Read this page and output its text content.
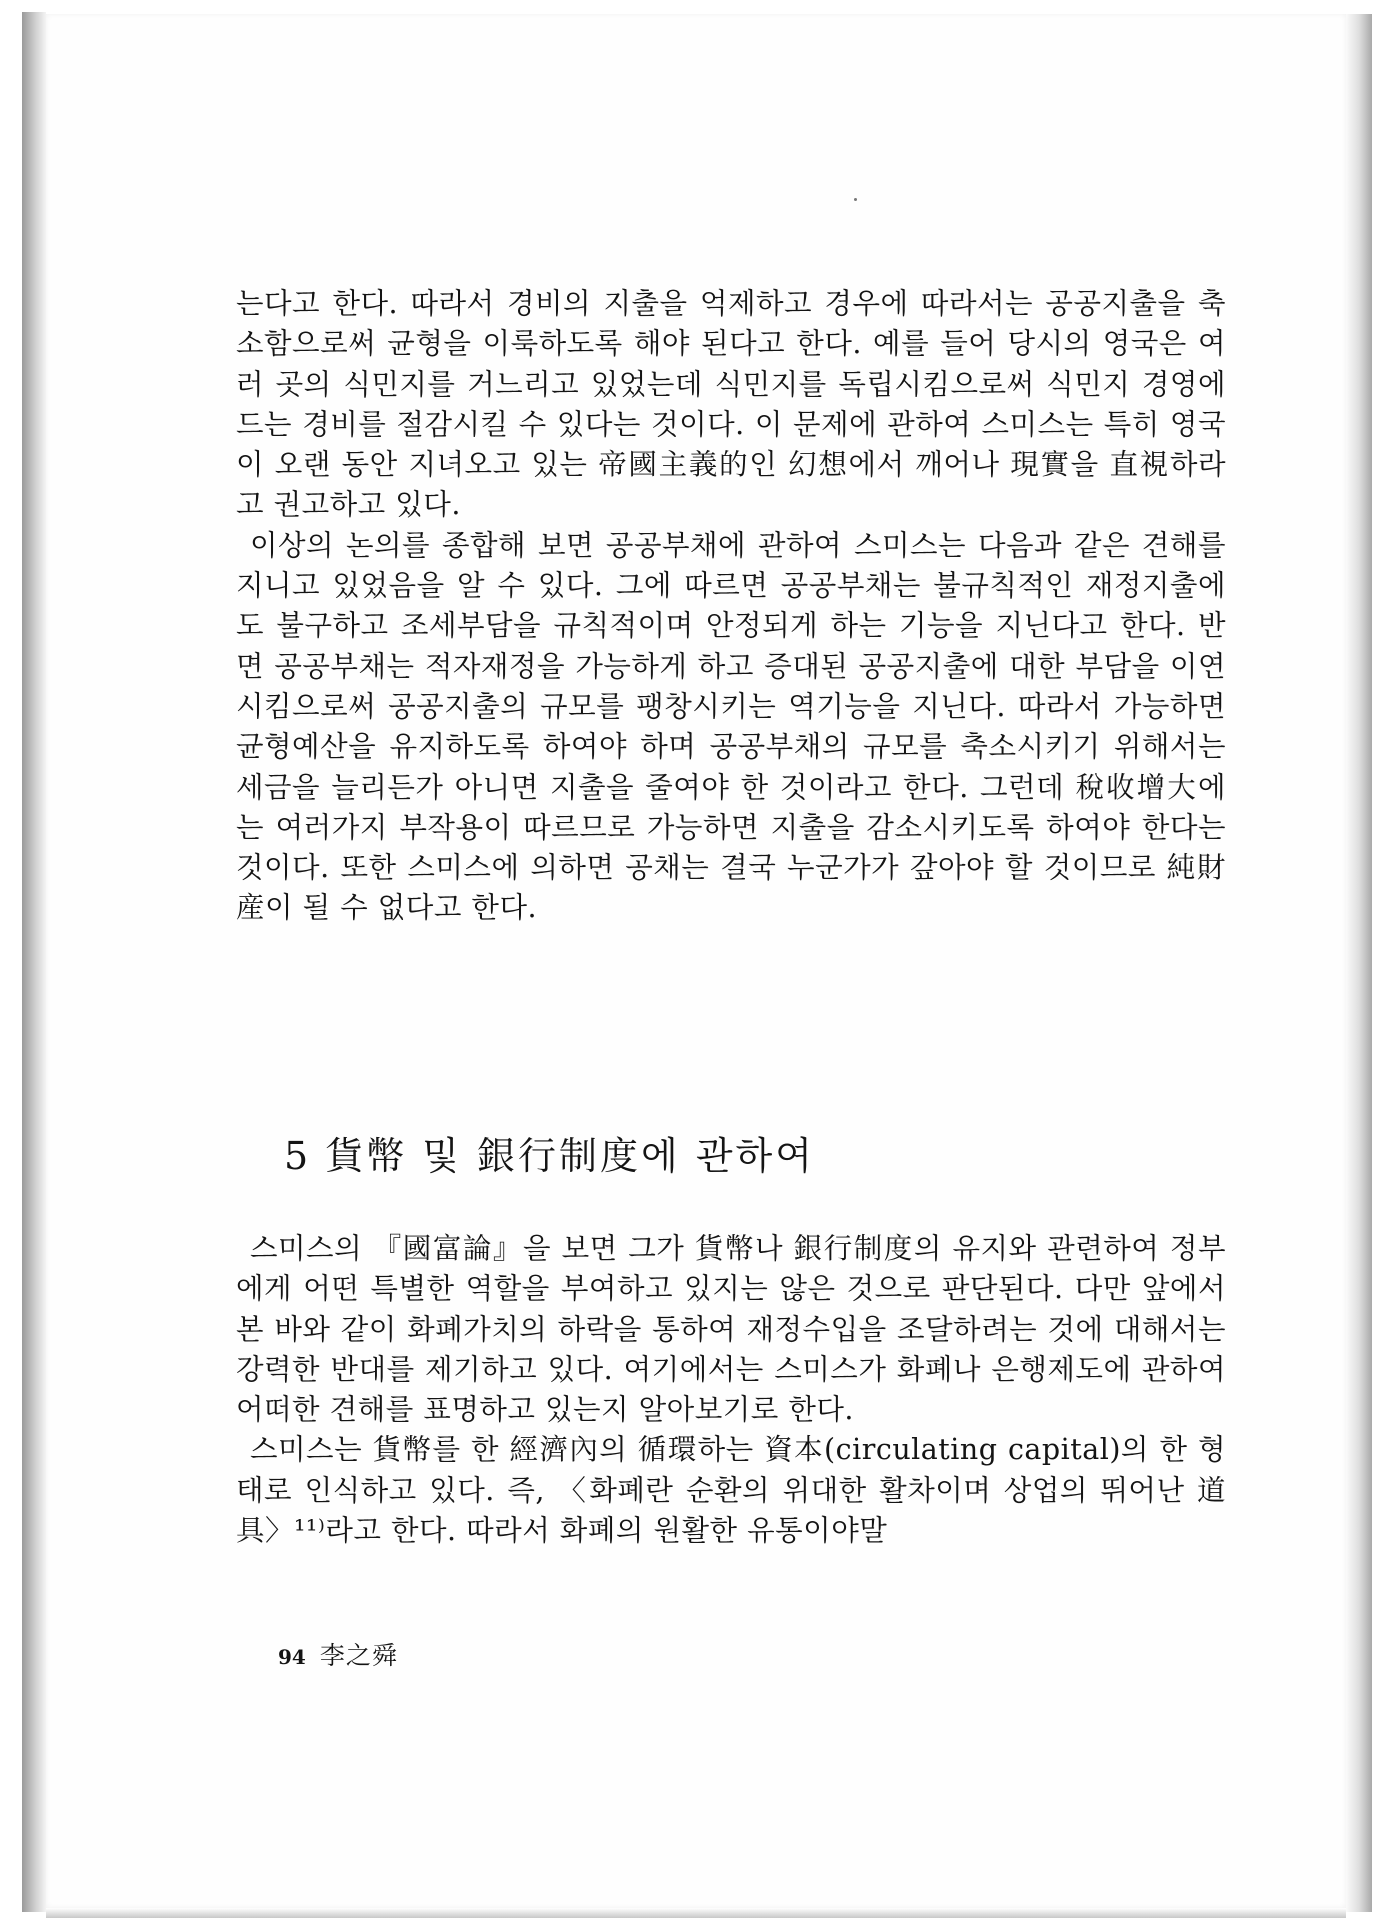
는다고 한다. 따라서 경비의 지출을 억제하고 경우에 따라서는 공공지출을 축소함으로써 균형을 이룩하도록 해야 된다고 한다. 예를 들어 당시의 영국은 여러 곳의 식민지를 거느리고 있었는데 식민지를 독립시킴으로써 식민지 경영에 드는 경비를 절감시킬 수 있다는 것이다. 이 문제에 관하여 스미스는 특히 영국이 오랜 동안 지녀오고 있는 帝國主義的인 幻想에서 깨어나 現實을 直視하라고 권고하고 있다.

이상의 논의를 종합해 보면 공공부채에 관하여 스미스는 다음과 같은 견해를 지니고 있었음을 알 수 있다. 그에 따르면 공공부채는 불규칙적인 재정지출에도 불구하고 조세부담을 규칙적이며 안정되게 하는 기능을 지닌다고 한다. 반면 공공부채는 적자재정을 가능하게 하고 증대된 공공지출에 대한 부담을 이연시킴으로써 공공지출의 규모를 팽창시키는 역기능을 지닌다. 따라서 가능하면 균형예산을 유지하도록 하여야 하며 공공부채의 규모를 축소시키기 위해서는 세금을 늘리든가 아니면 지출을 줄여야 한 것이라고 한다. 그런데 稅收增大에는 여러가지 부작용이 따르므로 가능하면 지출을 감소시키도록 하여야 한다는 것이다. 또한 스미스에 의하면 공채는 결국 누군가가 갚아야 할 것이므로 純財産이 될 수 없다고 한다.

5 貨幣 및 銀行制度에 관하여

스미스의 『國富論』을 보면 그가 貨幣나 銀行制度의 유지와 관련하여 정부에게 어떤 특별한 역할을 부여하고 있지는 않은 것으로 판단된다. 다만 앞에서 본 바와 같이 화폐가치의 하락을 통하여 재정수입을 조달하려는 것에 대해서는 강력한 반대를 제기하고 있다. 여기에서는 스미스가 화폐나 은행제도에 관하여 어떠한 견해를 표명하고 있는지 알아보기로 한다.

스미스는 貨幣를 한 經濟內의 循環하는 資本(circulating capital)의 한 형태로 인식하고 있다. 즉, 〈화폐란 순환의 위대한 활차이며 상업의 뛰어난 道具〉¹¹⁾라고 한다. 따라서 화폐의 원활한 유통이야말

94 李之舜
